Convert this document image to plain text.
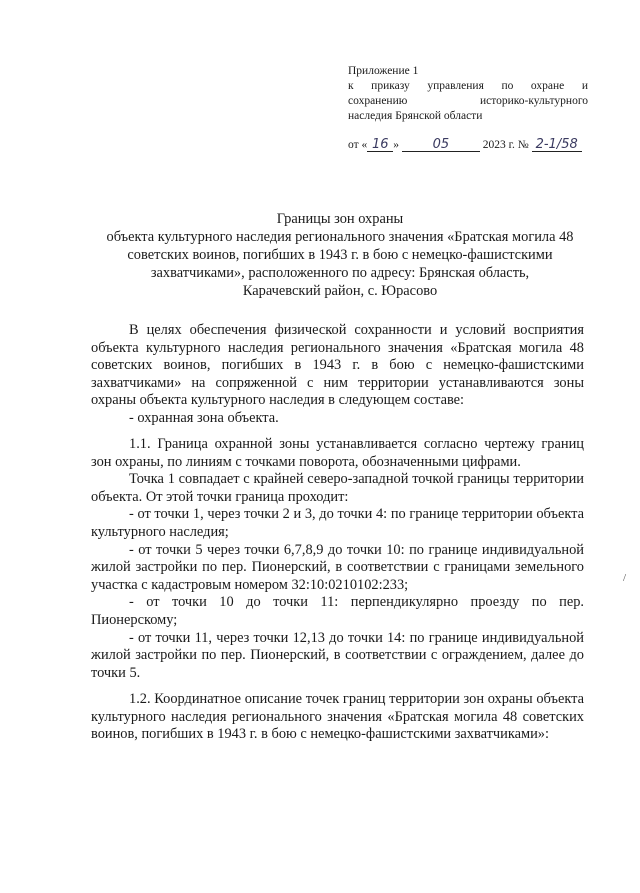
Приложение 1
к приказу управления по охране и
сохранению историко-культурного
наследия Брянской области
от « 16 »	05	2023 г. № 2-1/58
Границы зон охраны
объекта культурного наследия регионального значения «Братская могила 48
советских воинов, погибших в 1943 г. в бою с немецко-фашистскими
захватчиками», расположенного по адресу: Брянская область,
Карачевский район, с. Юрасово

В целях обеспечения физической сохранности и условий восприятия объекта культурного наследия регионального значения «Братская могила 48 советских воинов, погибших в 1943 г. в бою с немецко-фашистскими захватчиками» на сопряженной с ним территории устанавливаются зоны охраны объекта культурного наследия в следующем составе:

- охранная зона объекта.

1.1. Граница охранной зоны устанавливается согласно чертежу границ зон охраны, по линиям с точками поворота, обозначенными цифрами.

Точка 1 совпадает с крайней северо-западной точкой границы территории объекта. От этой точки граница проходит:

- от точки 1, через точки 2 и 3, до точки 4: по границе территории объекта культурного наследия;

- от точки 5 через точки 6,7,8,9 до точки 10: по границе индивидуальной жилой застройки по пер. Пионерский, в соответствии с границами земельного участка с кадастровым номером 32:10:0210102:233;

- от точки 10 до точки 11: перпендикулярно проезду по пер. Пионерскому;

- от точки 11, через точки 12,13 до точки 14: по границе индивидуальной жилой застройки по пер. Пионерский, в соответствии с ограждением, далее до точки 5.

1.2. Координатное описание точек границ территории зон охраны объекта культурного наследия регионального значения «Братская могила 48 советских воинов, погибших в 1943 г. в бою с немецко-фашистскими захватчиками»:

/
